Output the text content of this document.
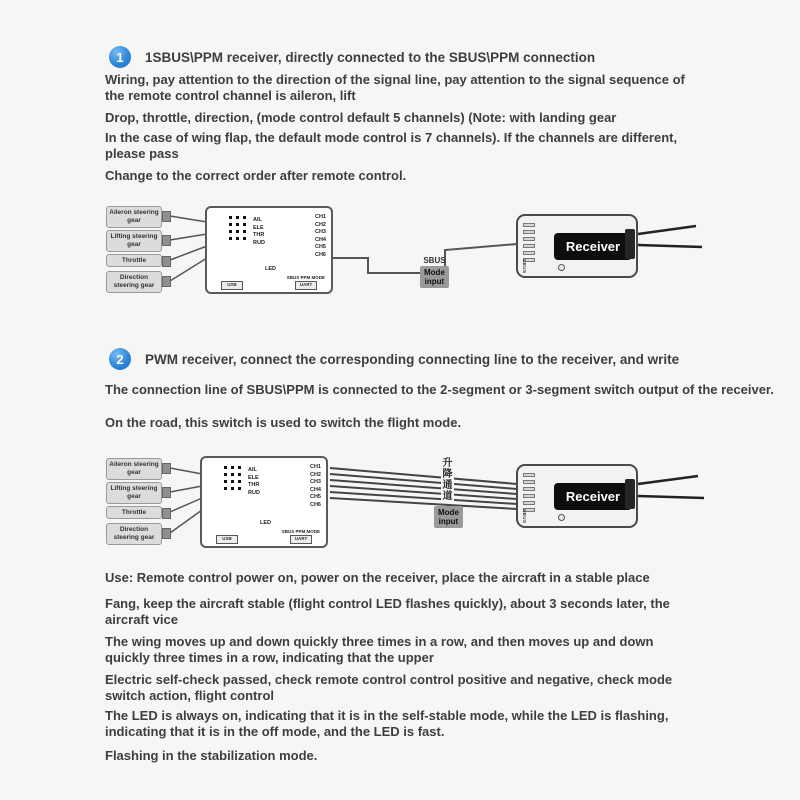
1	1SBUS\PPM receiver, directly connected to the SBUS\PPM connection
Wiring, pay attention to the direction of the signal line, pay attention to the signal sequence of the remote control channel is aileron, lift
Drop, throttle, direction, (mode control default 5 channels) (Note: with landing gear
In the case of wing flap, the default mode control is 7 channels). If the channels are different, please pass
Change to the correct order after remote control.
Aileron steering gear
Lifting steering gear
Throttle
Direction steering gear
AIL
ELE
THR
RUD
CH1
CH2
CH3
CH4
CH5
CH6
LED
SBUS PPM MODE
USB	UART
SBUS
Mode
input
Receiver
SBUS
2	PWM receiver, connect the corresponding connecting line to the receiver, and write
The connection line of SBUS\PPM is connected to the 2-segment or 3-segment switch output of the receiver.
On the road, this switch is used to switch the flight mode.
Aileron steering gear
Lifting steering gear
Throttle
Direction steering gear
AIL
ELE
THR
RUD
CH1
CH2
CH3
CH4
CH5
CH6
LED
SBUS PPM MODE
USB	UART
升降通道
Mode
input
Receiver
SBUS
Use: Remote control power on, power on the receiver, place the aircraft in a stable place
Fang, keep the aircraft stable (flight control LED flashes quickly), about 3 seconds later, the aircraft vice
The wing moves up and down quickly three times in a row, and then moves up and down quickly three times in a row, indicating that the upper
Electric self-check passed, check remote control control positive and negative, check mode switch action, flight control
The LED is always on, indicating that it is in the self-stable mode, while the LED is flashing, indicating that it is in the off mode, and the LED is fast.
Flashing in the stabilization mode.
